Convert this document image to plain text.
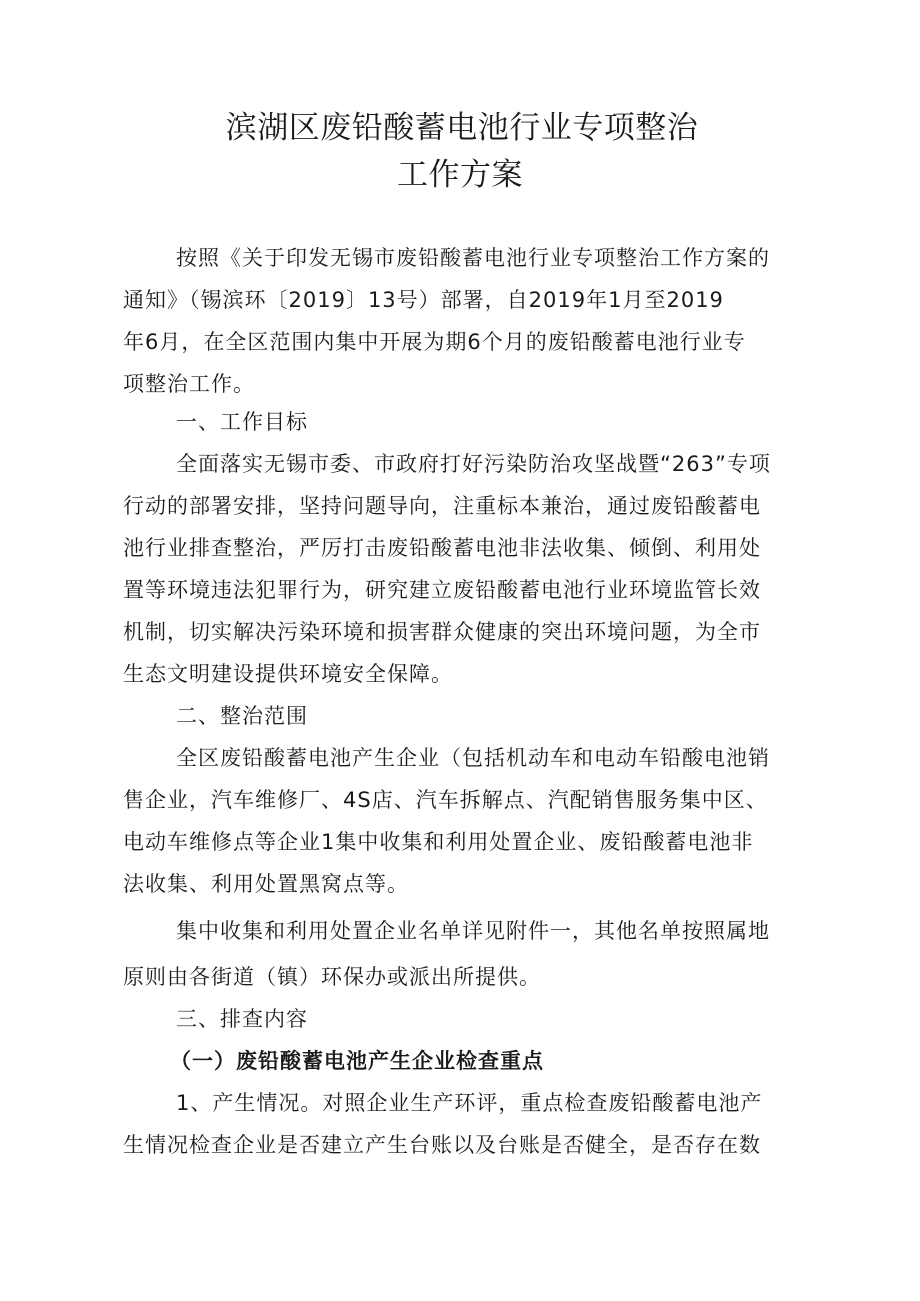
滨湖区废铅酸蓄电池行业专项整治
工作方案
按照《关于印发无锡市废铅酸蓄电池行业专项整治工作方案的
通知》（锡滨环〔2019〕13号）部署，自2019年1月至2019
年6月，在全区范围内集中开展为期6个月的废铅酸蓄电池行业专
项整治工作。
一、工作目标
全面落实无锡市委、市政府打好污染防治攻坚战暨“263”专项
行动的部署安排，坚持问题导向，注重标本兼治，通过废铅酸蓄电
池行业排查整治，严厉打击废铅酸蓄电池非法收集、倾倒、利用处
置等环境违法犯罪行为，研究建立废铅酸蓄电池行业环境监管长效
机制，切实解决污染环境和损害群众健康的突出环境问题，为全市
生态文明建设提供环境安全保障。
二、整治范围
全区废铅酸蓄电池产生企业（包括机动车和电动车铅酸电池销
售企业，汽车维修厂、4S店、汽车拆解点、汽配销售服务集中区、
电动车维修点等企业1集中收集和利用处置企业、废铅酸蓄电池非
法收集、利用处置黑窝点等。
集中收集和利用处置企业名单详见附件一，其他名单按照属地
原则由各街道（镇）环保办或派出所提供。
三、排查内容
（一）废铅酸蓄电池产生企业检查重点
1、产生情况。对照企业生产环评，重点检查废铅酸蓄电池产
生情况检查企业是否建立产生台账以及台账是否健全，是否存在数
